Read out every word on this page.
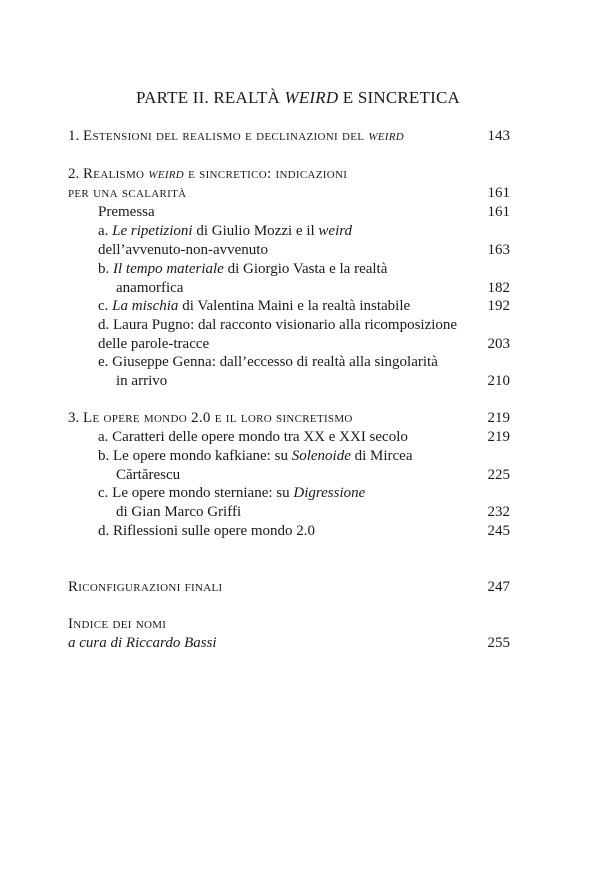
PARTE II. REALTÀ WEIRD E SINCRETICA
1. Estensioni del realismo e declinazioni del weird	143
2. Realismo weird e sincretico: indicazioni
per una scalarità	161
Premessa	161
a. Le ripetizioni di Giulio Mozzi e il weird
dell’avvenuto-non-avvenuto	163
b. Il tempo materiale di Giorgio Vasta e la realtà
anamorfica	182
c. La mischia di Valentina Maini e la realtà instabile	192
d. Laura Pugno: dal racconto visionario alla ricomposizione
delle parole-tracce	203
e. Giuseppe Genna: dall’eccesso di realtà alla singolarità
in arrivo	210
3. Le opere mondo 2.0 e il loro sincretismo	219
a. Caratteri delle opere mondo tra XX e XXI secolo	219
b. Le opere mondo kafkiane: su Solenoide di Mircea
Cărtărescu	225
c. Le opere mondo sterniane: su Digressione
di Gian Marco Griffi	232
d. Riflessioni sulle opere mondo 2.0	245
Riconfigurazioni finali	247
Indice dei nomi
a cura di Riccardo Bassi	255
